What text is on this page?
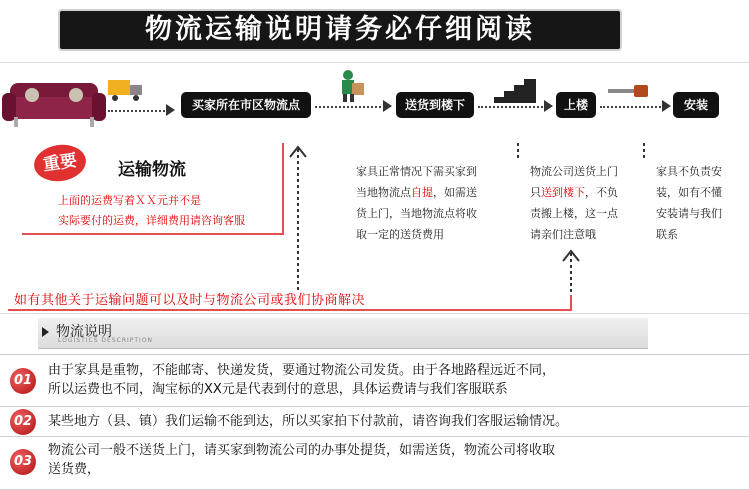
物流运输说明请务必仔细阅读
买家所在市区物流点	送货到楼下	上楼	安装
重要	运输物流
上面的运费写着ＸＸ元并不是
实际要付的运费，详细费用请咨询客服
家具正常情况下需买家到
当地物流点自提，如需送
货上门，当地物流点将收
取一定的送货费用
物流公司送货上门
只送到楼下，不负
责搬上楼，这一点
请亲们注意哦
家具不负责安
装，如有不懂
安装请与我们
联系
如有其他关于运输问题可以及时与物流公司或我们协商解决
物流说明
LOGISTICS DESCRIPTION
01
由于家具是重物，不能邮寄、快递发货，要通过物流公司发货。由于各地路程远近不同，
所以运费也不同，淘宝标的XX元是代表到付的意思，具体运费请与我们客服联系
02	某些地方（县、镇）我们运输不能到达，所以买家拍下付款前，请咨询我们客服运输情况。
03
物流公司一般不送货上门，请买家到物流公司的办事处提货，如需送货，物流公司将收取
送货费，
